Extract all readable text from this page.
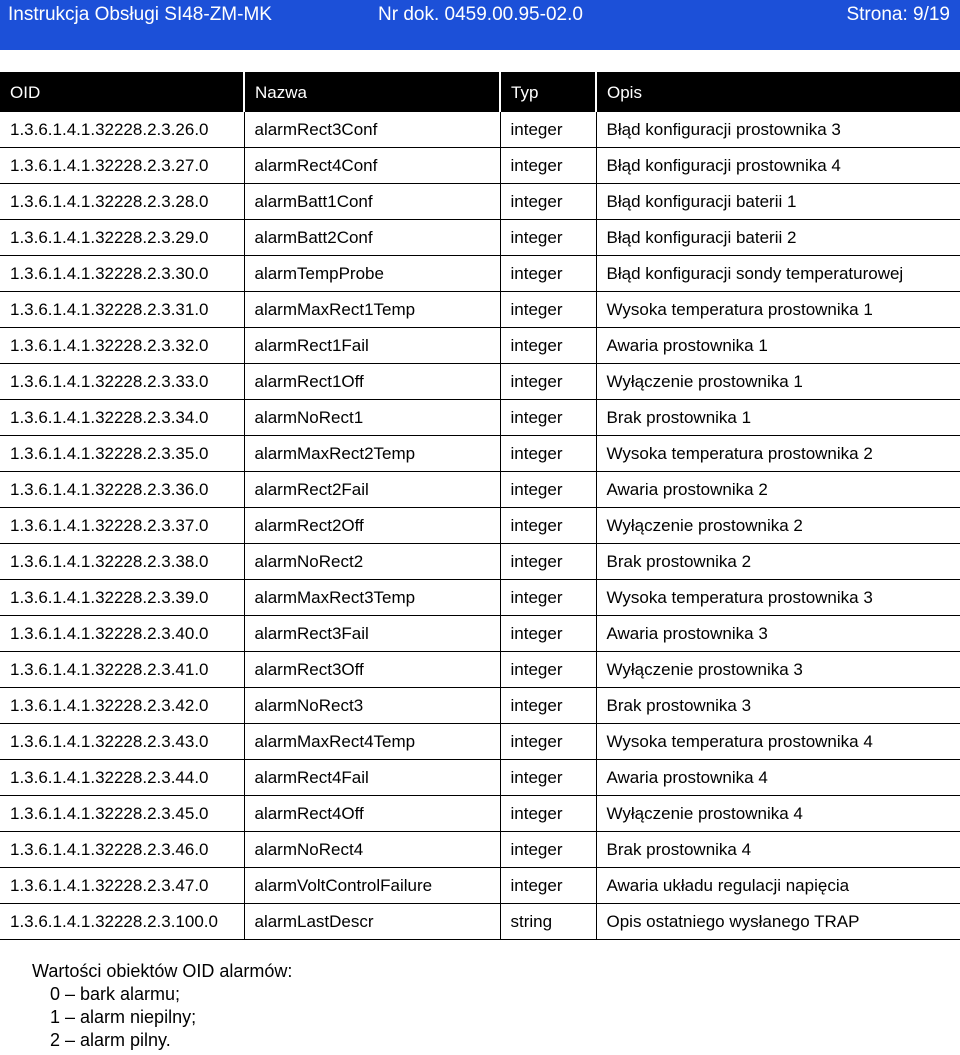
Instrukcja Obsługi SI48-ZM-MK	Nr dok. 0459.00.95-02.0	Strona: 9/19
OID	Nazwa	Typ	Opis
1.3.6.1.4.1.32228.2.3.26.0	alarmRect3Conf	integer	Błąd konfiguracji prostownika 3
1.3.6.1.4.1.32228.2.3.27.0	alarmRect4Conf	integer	Błąd konfiguracji prostownika 4
1.3.6.1.4.1.32228.2.3.28.0	alarmBatt1Conf	integer	Błąd konfiguracji baterii 1
1.3.6.1.4.1.32228.2.3.29.0	alarmBatt2Conf	integer	Błąd konfiguracji baterii 2
1.3.6.1.4.1.32228.2.3.30.0	alarmTempProbe	integer	Błąd konfiguracji sondy temperaturowej
1.3.6.1.4.1.32228.2.3.31.0	alarmMaxRect1Temp	integer	Wysoka temperatura prostownika 1
1.3.6.1.4.1.32228.2.3.32.0	alarmRect1Fail	integer	Awaria prostownika 1
1.3.6.1.4.1.32228.2.3.33.0	alarmRect1Off	integer	Wyłączenie prostownika 1
1.3.6.1.4.1.32228.2.3.34.0	alarmNoRect1	integer	Brak prostownika 1
1.3.6.1.4.1.32228.2.3.35.0	alarmMaxRect2Temp	integer	Wysoka temperatura prostownika 2
1.3.6.1.4.1.32228.2.3.36.0	alarmRect2Fail	integer	Awaria prostownika 2
1.3.6.1.4.1.32228.2.3.37.0	alarmRect2Off	integer	Wyłączenie prostownika 2
1.3.6.1.4.1.32228.2.3.38.0	alarmNoRect2	integer	Brak prostownika 2
1.3.6.1.4.1.32228.2.3.39.0	alarmMaxRect3Temp	integer	Wysoka temperatura prostownika 3
1.3.6.1.4.1.32228.2.3.40.0	alarmRect3Fail	integer	Awaria prostownika 3
1.3.6.1.4.1.32228.2.3.41.0	alarmRect3Off	integer	Wyłączenie prostownika 3
1.3.6.1.4.1.32228.2.3.42.0	alarmNoRect3	integer	Brak prostownika 3
1.3.6.1.4.1.32228.2.3.43.0	alarmMaxRect4Temp	integer	Wysoka temperatura prostownika 4
1.3.6.1.4.1.32228.2.3.44.0	alarmRect4Fail	integer	Awaria prostownika 4
1.3.6.1.4.1.32228.2.3.45.0	alarmRect4Off	integer	Wyłączenie prostownika 4
1.3.6.1.4.1.32228.2.3.46.0	alarmNoRect4	integer	Brak prostownika 4
1.3.6.1.4.1.32228.2.3.47.0	alarmVoltControlFailure	integer	Awaria układu regulacji napięcia
1.3.6.1.4.1.32228.2.3.100.0	alarmLastDescr	string	Opis ostatniego wysłanego TRAP
Wartości obiektów OID alarmów:
0 – bark alarmu;
1 – alarm niepilny;
2 – alarm pilny.
